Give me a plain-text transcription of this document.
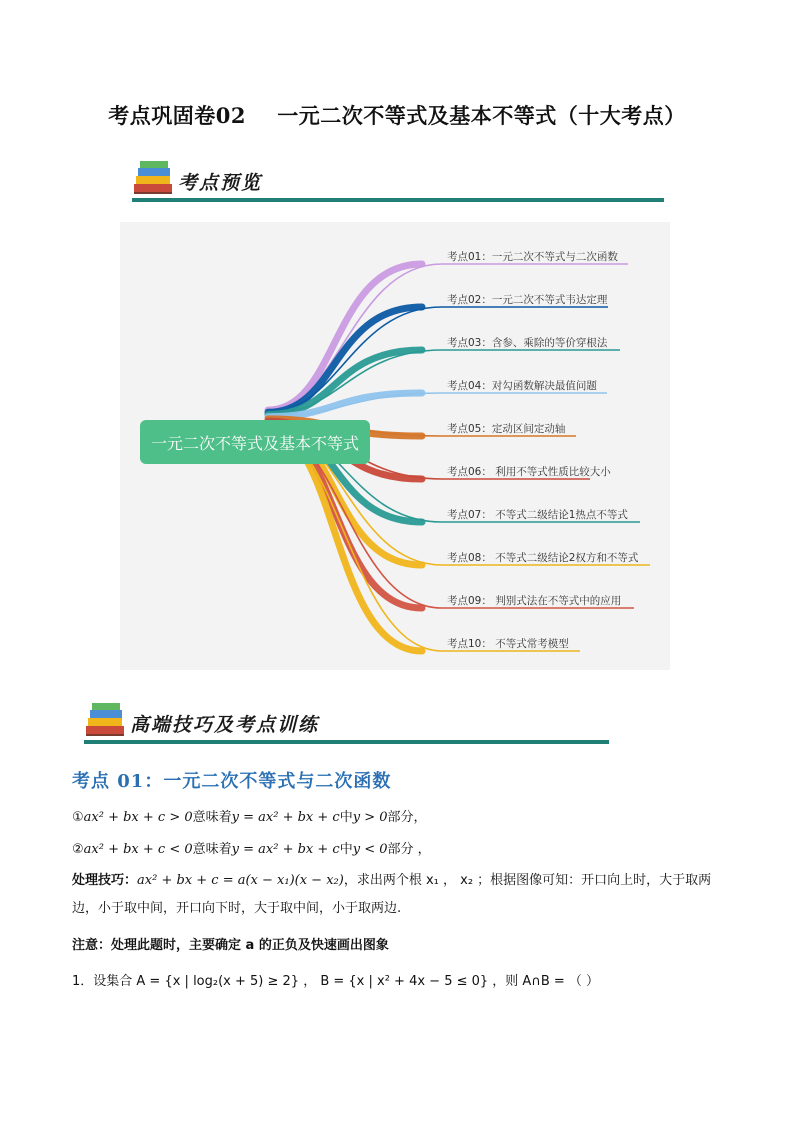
考点巩固卷02    一元二次不等式及基本不等式（十大考点）
考点预览
一元二次不等式及基本不等式
考点01：一元二次不等式与二次函数
考点02：一元二次不等式韦达定理
考点03：含参、乘除的等价穿根法
考点04：对勾函数解决最值问题
考点05：定动区间定动轴
考点06： 利用不等式性质比较大小
考点07： 不等式二级结论1热点不等式
考点08： 不等式二级结论2权方和不等式
考点09： 判别式法在不等式中的应用
考点10： 不等式常考模型
高端技巧及考点训练
考点 01：一元二次不等式与二次函数
①ax² + bx + c > 0意味着y = ax² + bx + c中y > 0部分，
②ax² + bx + c < 0意味着y = ax² + bx + c中y < 0部分 ，
处理技巧：ax² + bx + c = a(x − x₁)(x − x₂)，求出两个根 x₁ ， x₂ ；根据图像可知：开口向上时，大于取两边，小于取中间，开口向下时，大于取中间，小于取两边.
注意：处理此题时，主要确定 a 的正负及快速画出图象
1．设集合 A = {x | log₂(x + 5) ≥ 2} ， B = {x | x² + 4x − 5 ≤ 0} ，则 A∩B = （ ）
